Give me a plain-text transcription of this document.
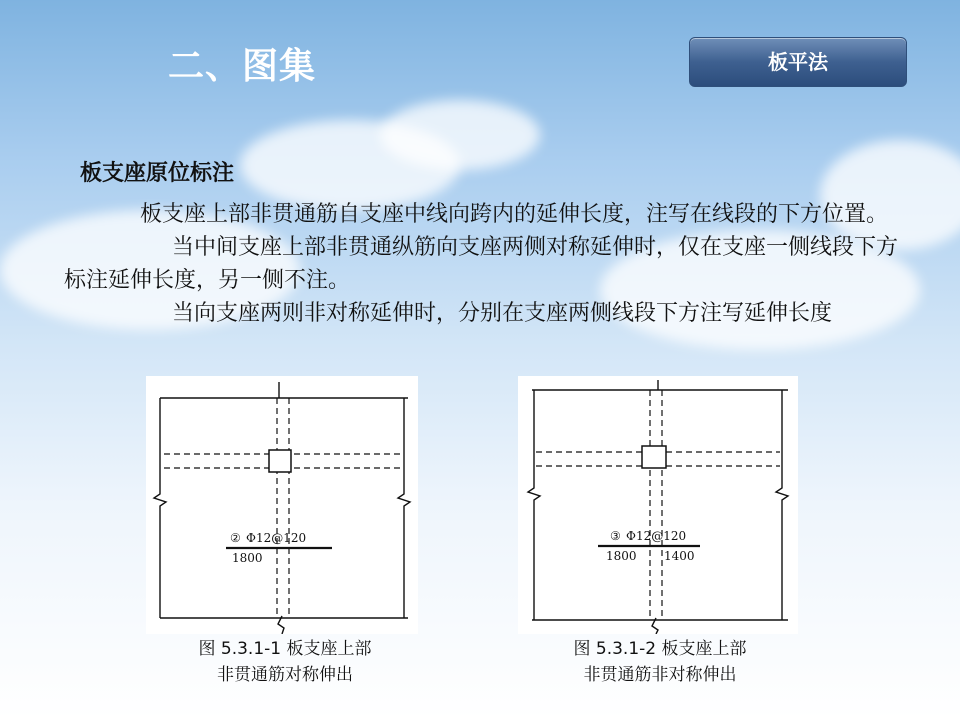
二、图集	板平法
板支座原位标注

板支座上部非贯通筋自支座中线向跨内的延伸长度，注写在线段的下方位置。

当中间支座上部非贯通纵筋向支座两侧对称延伸时，仅在支座一侧线段下方标注延伸长度，另一侧不注。

当向支座两则非对称延伸时，分别在支座两侧线段下方注写延伸长度

② Ф12@120
1800
③ Ф12@120
1800 1400
图 5.3.1-1 板支座上部
非贯通筋对称伸出
图 5.3.1-2 板支座上部
非贯通筋非对称伸出
